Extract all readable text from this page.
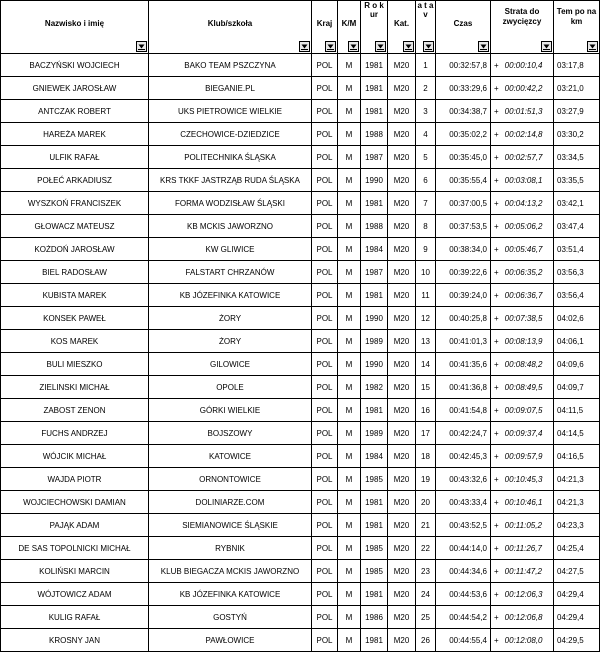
Nazwisko i imię	Klub/szkoła	Kraj	K/M	R o k ur	Kat.	a t a v	Czas	Strata do zwycięzcy	Tem po na km

BACZYŃSKI WOJCIECH	BAKO TEAM PSZCZYNA	POL	M	1981	M20	1	00:32:57,8	+ 00:00:10,4	03:17,8
GNIEWEK JAROSŁAW	BIEGANIE.PL	POL	M	1981	M20	2	00:33:29,6	+ 00:00:42,2	03:21,0
ANTCZAK ROBERT	UKS PIETROWICE WIELKIE	POL	M	1981	M20	3	00:34:38,7	+ 00:01:51,3	03:27,9
HAREŻA MAREK	CZECHOWICE-DZIEDZICE	POL	M	1988	M20	4	00:35:02,2	+ 00:02:14,8	03:30,2
ULFIK RAFAŁ	POLITECHNIKA ŚLĄSKA	POL	M	1987	M20	5	00:35:45,0	+ 00:02:57,7	03:34,5
POŁEĆ ARKADIUSZ	KRS TKKF JASTRZĄB RUDA ŚLĄSKA	POL	M	1990	M20	6	00:35:55,4	+ 00:03:08,1	03:35,5
WYSZKOŃ FRANCISZEK	FORMA WODZISŁAW ŚLĄSKI	POL	M	1981	M20	7	00:37:00,5	+ 00:04:13,2	03:42,1
GŁOWACZ MATEUSZ	KB MCKIS JAWORZNO	POL	M	1988	M20	8	00:37:53,5	+ 00:05:06,2	03:47,4
KOŻDOŃ JAROSŁAW	KW GLIWICE	POL	M	1984	M20	9	00:38:34,0	+ 00:05:46,7	03:51,4
BIEL RADOSŁAW	FALSTART CHRZANÓW	POL	M	1987	M20	10	00:39:22,6	+ 00:06:35,2	03:56,3
KUBISTA MAREK	KB JÓZEFINKA KATOWICE	POL	M	1981	M20	11	00:39:24,0	+ 00:06:36,7	03:56,4
KONSEK PAWEŁ	ŻORY	POL	M	1990	M20	12	00:40:25,8	+ 00:07:38,5	04:02,6
KOS MAREK	ŻORY	POL	M	1989	M20	13	00:41:01,3	+ 00:08:13,9	04:06,1
BULI MIESZKO	GILOWICE	POL	M	1990	M20	14	00:41:35,6	+ 00:08:48,2	04:09,6
ZIELINSKI MICHAŁ	OPOLE	POL	M	1982	M20	15	00:41:36,8	+ 00:08:49,5	04:09,7
ZABOST ZENON	GÓRKI WIELKIE	POL	M	1981	M20	16	00:41:54,8	+ 00:09:07,5	04:11,5
FUCHS ANDRZEJ	BOJSZOWY	POL	M	1989	M20	17	00:42:24,7	+ 00:09:37,4	04:14,5
WÓJCIK MICHAŁ	KATOWICE	POL	M	1984	M20	18	00:42:45,3	+ 00:09:57,9	04:16,5
WAJDA PIOTR	ORNONTOWICE	POL	M	1985	M20	19	00:43:32,6	+ 00:10:45,3	04:21,3
WOJCIECHOWSKI DAMIAN	DOLINIARZE.COM	POL	M	1981	M20	20	00:43:33,4	+ 00:10:46,1	04:21,3
PAJĄK ADAM	SIEMIANOWICE ŚLĄSKIE	POL	M	1981	M20	21	00:43:52,5	+ 00:11:05,2	04:23,3
DE SAS TOPOLNICKI MICHAŁ	RYBNIK	POL	M	1985	M20	22	00:44:14,0	+ 00:11:26,7	04:25,4
KOLIŃSKI MARCIN	KLUB BIEGACZA MCKIS JAWORZNO	POL	M	1985	M20	23	00:44:34,6	+ 00:11:47,2	04:27,5
WÓJTOWICZ ADAM	KB JÓZEFINKA KATOWICE	POL	M	1981	M20	24	00:44:53,6	+ 00:12:06,3	04:29,4
KULIG RAFAŁ	GOSTYŃ	POL	M	1986	M20	25	00:44:54,2	+ 00:12:06,8	04:29,4
KROSNY JAN	PAWŁOWICE	POL	M	1981	M20	26	00:44:55,4	+ 00:12:08,0	04:29,5
